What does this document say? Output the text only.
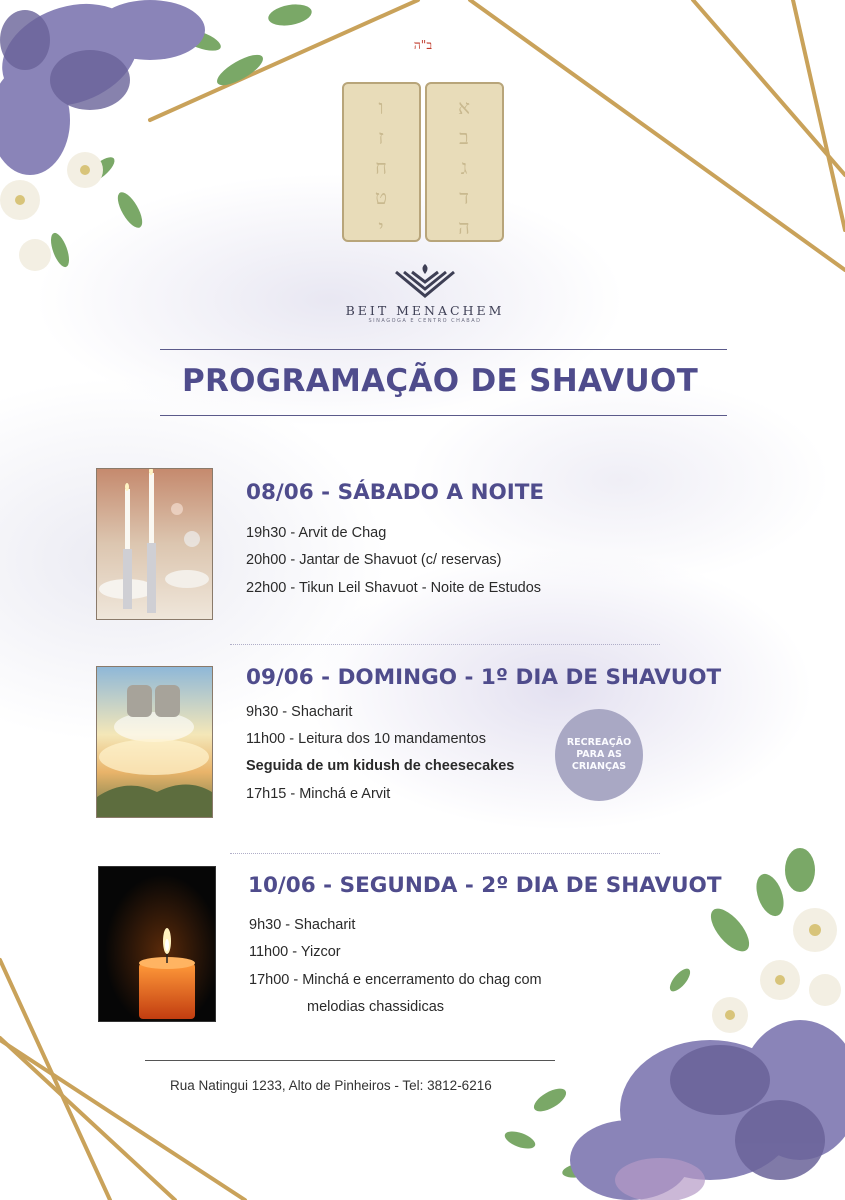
ב"ה
ו
ז
ח
ט
י
א
ב
ג
ד
ה
BEIT MENACHEM
SINAGOGA E CENTRO CHABAD
PROGRAMAÇÃO DE SHAVUOT
08/06 - SÁBADO A NOITE
19h30 - Arvit de Chag
20h00 - Jantar de Shavuot (c/ reservas)
22h00 - Tikun Leil Shavuot - Noite de Estudos
09/06 - DOMINGO - 1º DIA DE SHAVUOT
9h30 - Shacharit
11h00 - Leitura dos 10 mandamentos
Seguida de um kidush de cheesecakes
17h15 - Minchá e Arvit
RECREAÇÃO
PARA AS
CRIANÇAS
10/06 - SEGUNDA - 2º DIA DE SHAVUOT
9h30 - Shacharit
11h00 - Yizcor
17h00 - Minchá e encerramento do chag com
melodias chassidicas
Rua Natingui 1233, Alto de Pinheiros - Tel: 3812-6216
